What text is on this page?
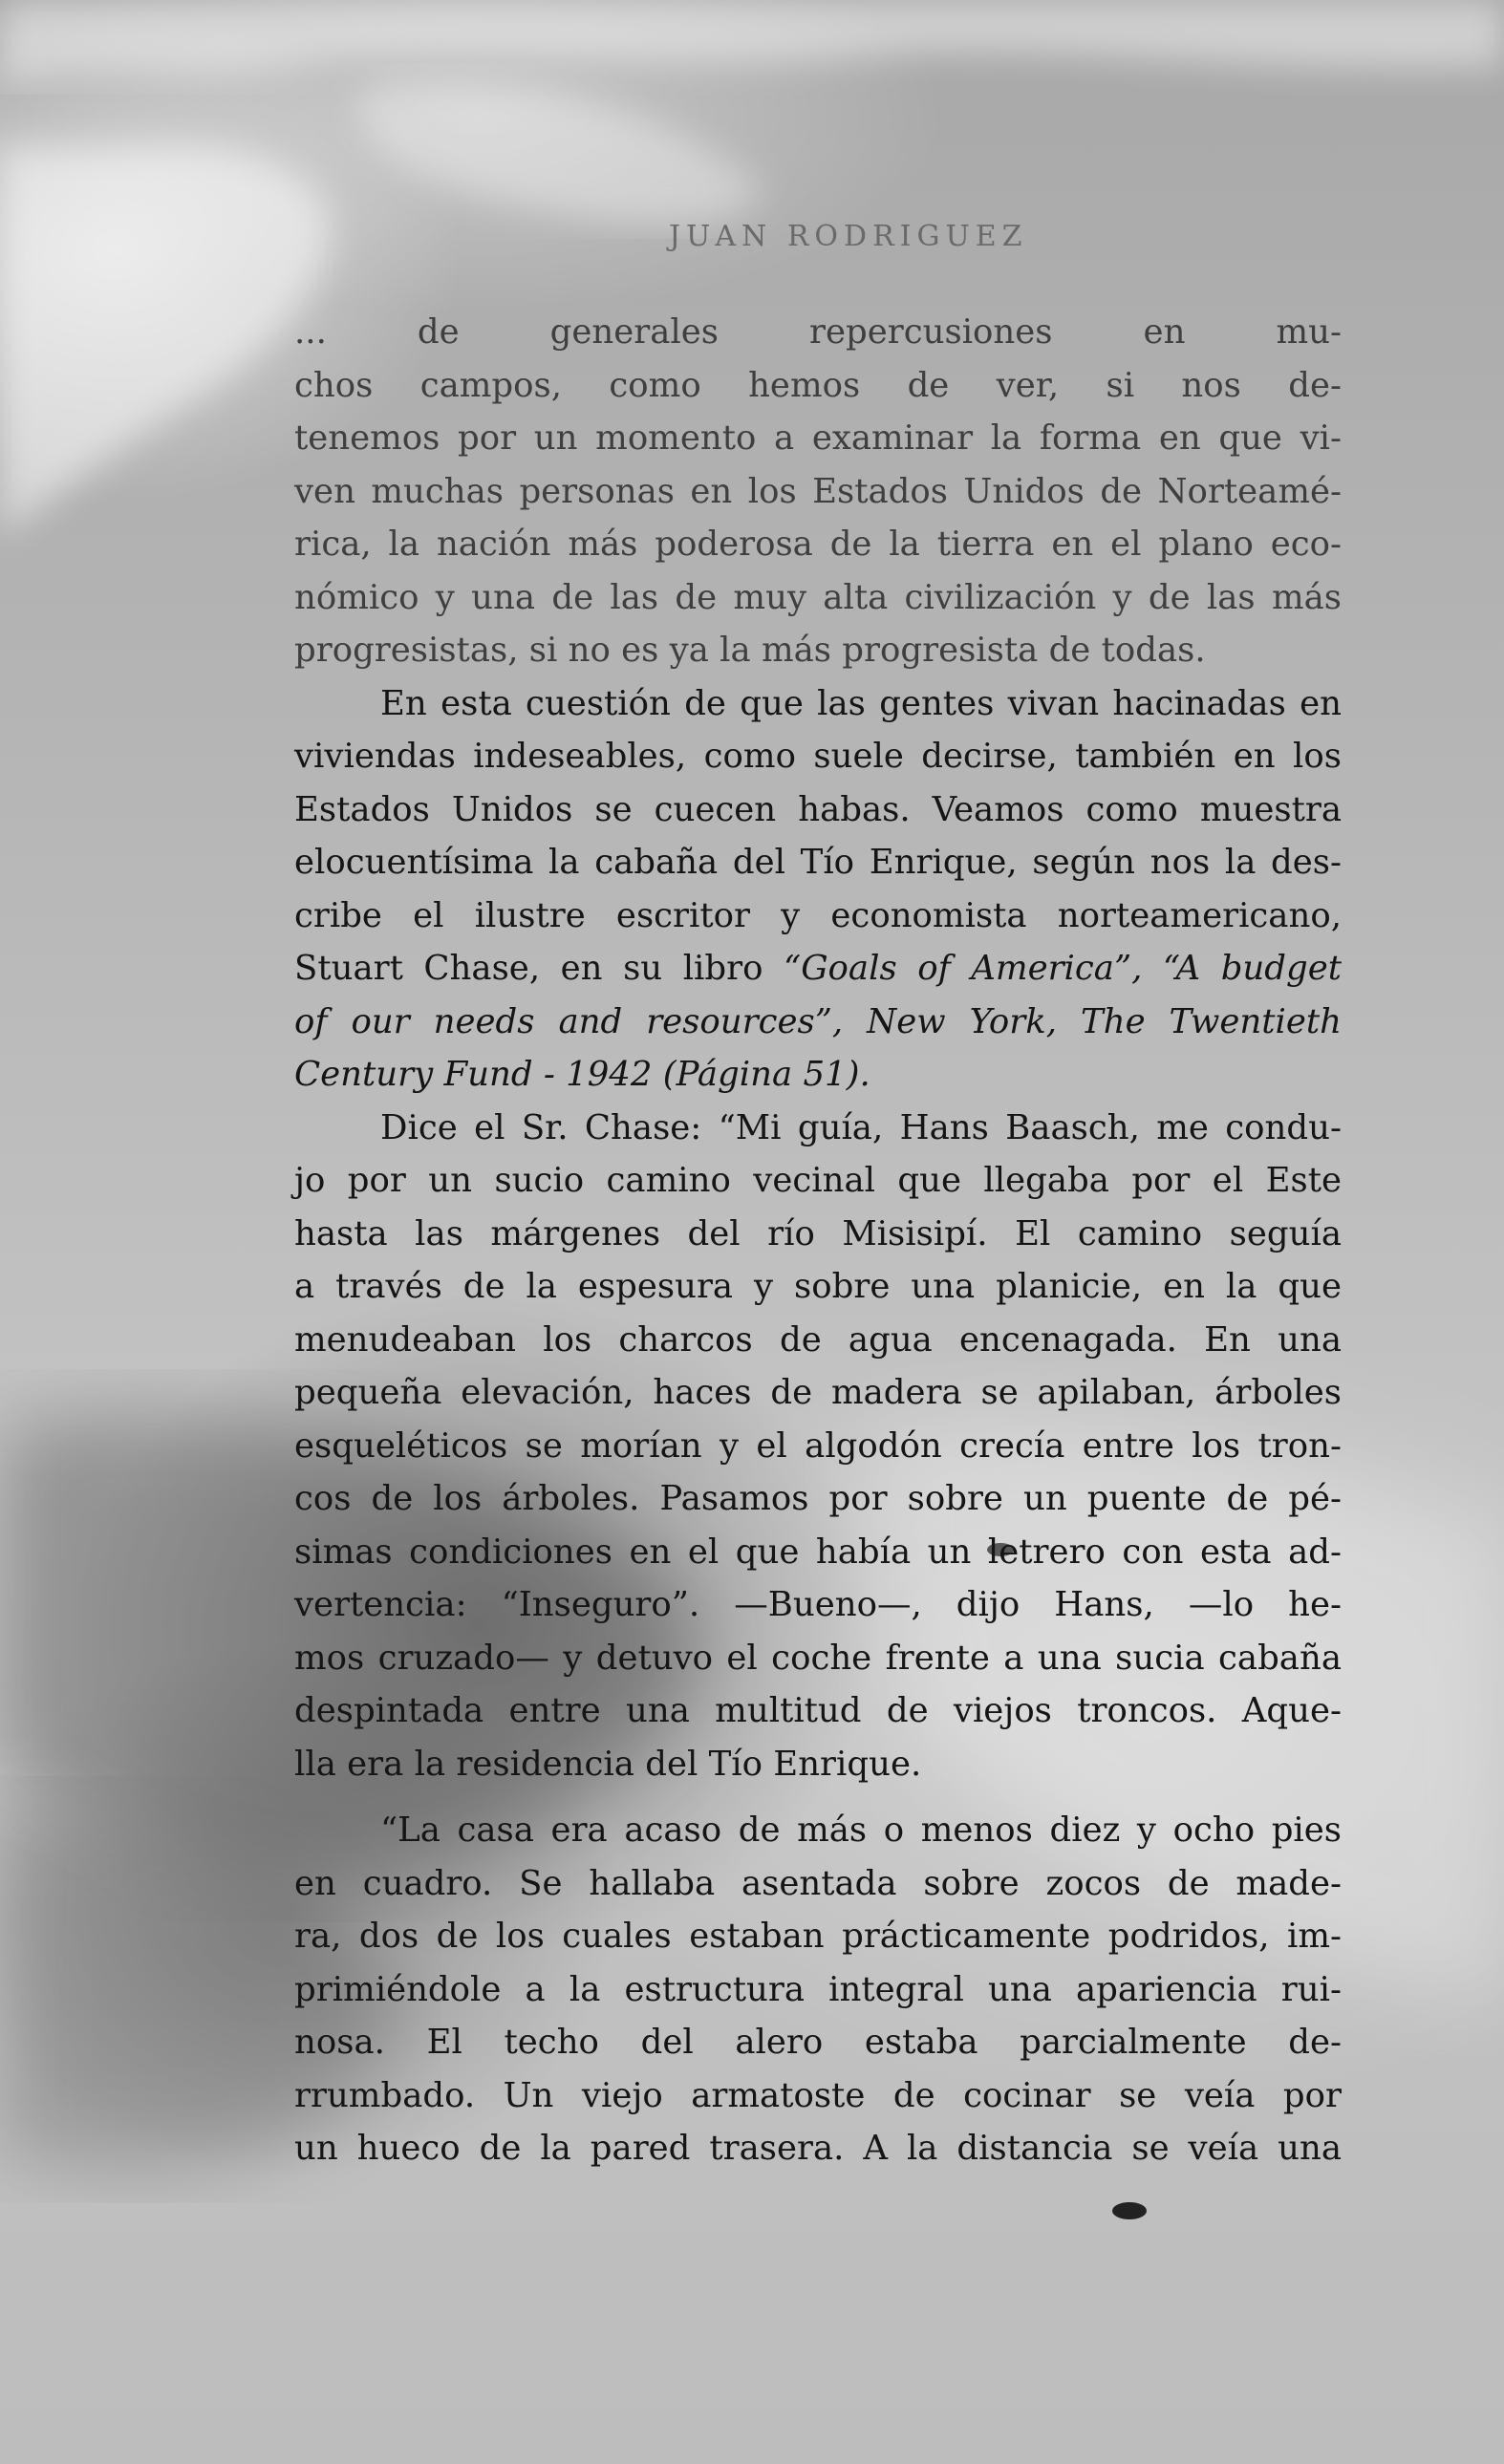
JUAN RODRIGUEZ

... de generales repercusiones en mu-
chos campos, como hemos de ver, si nos de-
tenemos por un momento a examinar la forma en que vi-
ven muchas personas en los Estados Unidos de Norteamé-
rica, la nación más poderosa de la tierra en el plano eco-
nómico y una de las de muy alta civilización y de las más
progresistas, si no es ya la más progresista de todas.

En esta cuestión de que las gentes vivan hacinadas en
viviendas indeseables, como suele decirse, también en los
Estados Unidos se cuecen habas. Veamos como muestra
elocuentísima la cabaña del Tío Enrique, según nos la des-
cribe el ilustre escritor y economista norteamericano,
Stuart Chase, en su libro “Goals of America”, “A budget
of our needs and resources”, New York, The Twentieth
Century Fund - 1942 (Página 51).

Dice el Sr. Chase: “Mi guía, Hans Baasch, me condu-
jo por un sucio camino vecinal que llegaba por el Este
hasta las márgenes del río Misisipí. El camino seguía
a través de la espesura y sobre una planicie, en la que
menudeaban los charcos de agua encenagada. En una
pequeña elevación, haces de madera se apilaban, árboles
esqueléticos se morían y el algodón crecía entre los tron-
cos de los árboles. Pasamos por sobre un puente de pé-
simas condiciones en el que había un letrero con esta ad-
vertencia: “Inseguro”. —Bueno—, dijo Hans, —lo he-
mos cruzado— y detuvo el coche frente a una sucia cabaña
despintada entre una multitud de viejos troncos. Aque-
lla era la residencia del Tío Enrique.

“La casa era acaso de más o menos diez y ocho pies
en cuadro. Se hallaba asentada sobre zocos de made-
ra, dos de los cuales estaban prácticamente podridos, im-
primiéndole a la estructura integral una apariencia rui-
nosa. El techo del alero estaba parcialmente de-
rrumbado. Un viejo armatoste de cocinar se veía por
un hueco de la pared trasera. A la distancia se veía una
